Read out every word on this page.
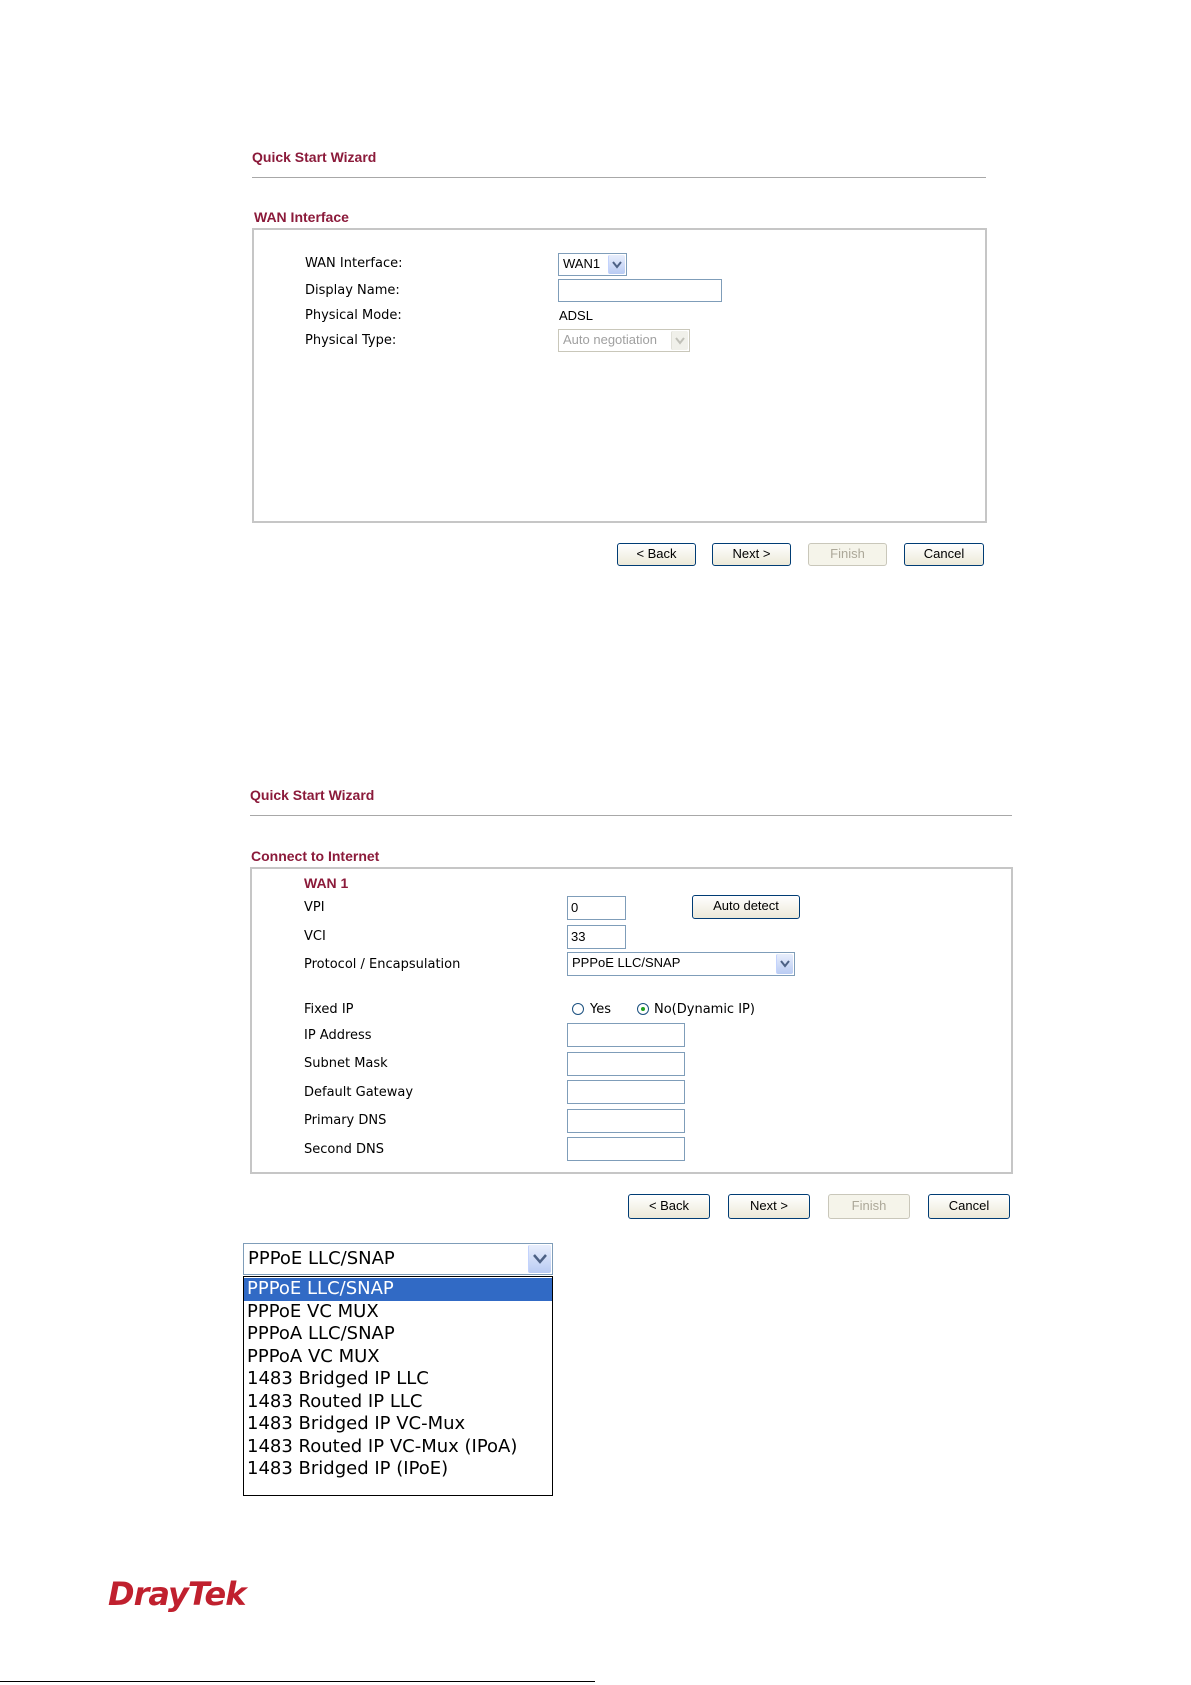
Quick Start Wizard
WAN Interface
WAN Interface:	WAN1
Display Name:
Physical Mode:	ADSL
Physical Type:	Auto negotiation
< Back	Next >	Finish	Cancel
Quick Start Wizard
Connect to Internet
WAN 1
VPI	0	Auto detect
VCI	33
Protocol / Encapsulation	PPPoE LLC/SNAP
Fixed IP	Yes	No(Dynamic IP)
IP Address
Subnet Mask
Default Gateway
Primary DNS
Second DNS
< Back	Next >	Finish	Cancel
PPPoE LLC/SNAP
PPPoE LLC/SNAP
PPPoE VC MUX
PPPoA LLC/SNAP
PPPoA VC MUX
1483 Bridged IP LLC
1483 Routed IP LLC
1483 Bridged IP VC-Mux
1483 Routed IP VC-Mux (IPoA)
1483 Bridged IP (IPoE)
DrayTek
